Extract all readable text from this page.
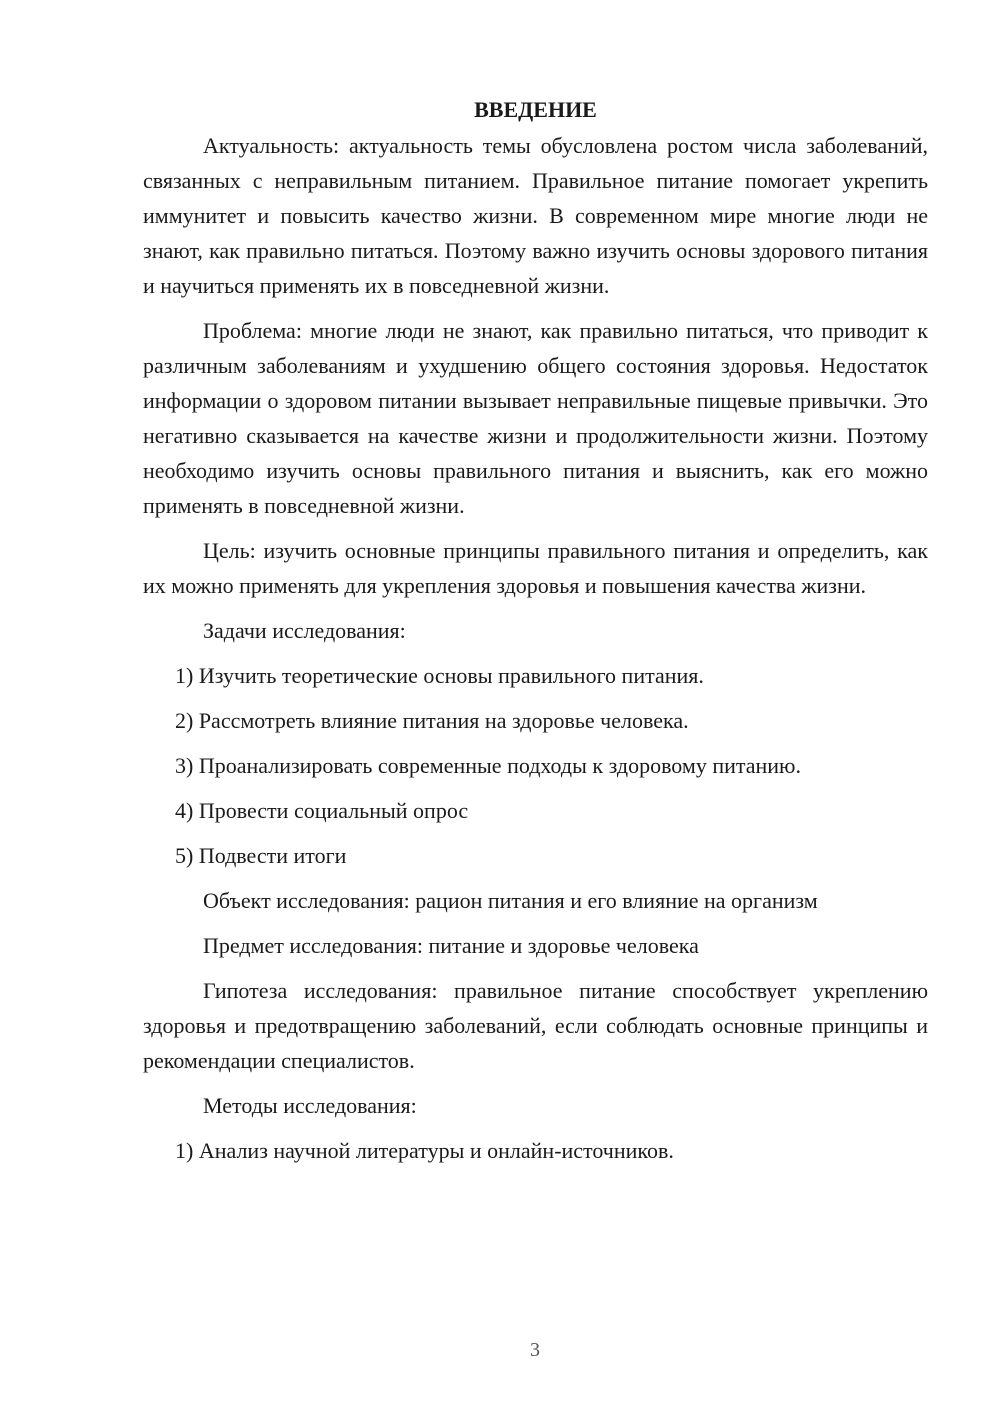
ВВЕДЕНИЕ

Актуальность: актуальность темы обусловлена ростом числа заболеваний, связанных с неправильным питанием. Правильное питание помогает укрепить иммунитет и повысить качество жизни. В современном мире многие люди не знают, как правильно питаться. Поэтому важно изучить основы здорового питания и научиться применять их в повседневной жизни.

Проблема: многие люди не знают, как правильно питаться, что приводит к различным заболеваниям и ухудшению общего состояния здоровья. Недостаток информации о здоровом питании вызывает неправильные пищевые привычки. Это негативно сказывается на качестве жизни и продолжительности жизни. Поэтому необходимо изучить основы правильного питания и выяснить, как его можно применять в повседневной жизни.

Цель: изучить основные принципы правильного питания и определить, как их можно применять для укрепления здоровья и повышения качества жизни.

Задачи исследования:

1) Изучить теоретические основы правильного питания.

2) Рассмотреть влияние питания на здоровье человека.

3) Проанализировать современные подходы к здоровому питанию.

4) Провести социальный опрос

5) Подвести итоги

Объект исследования: рацион питания и его влияние на организм

Предмет исследования: питание и здоровье человека

Гипотеза исследования: правильное питание способствует укреплению здоровья и предотвращению заболеваний, если соблюдать основные принципы и рекомендации специалистов.

Методы исследования:

1) Анализ научной литературы и онлайн-источников.

3
